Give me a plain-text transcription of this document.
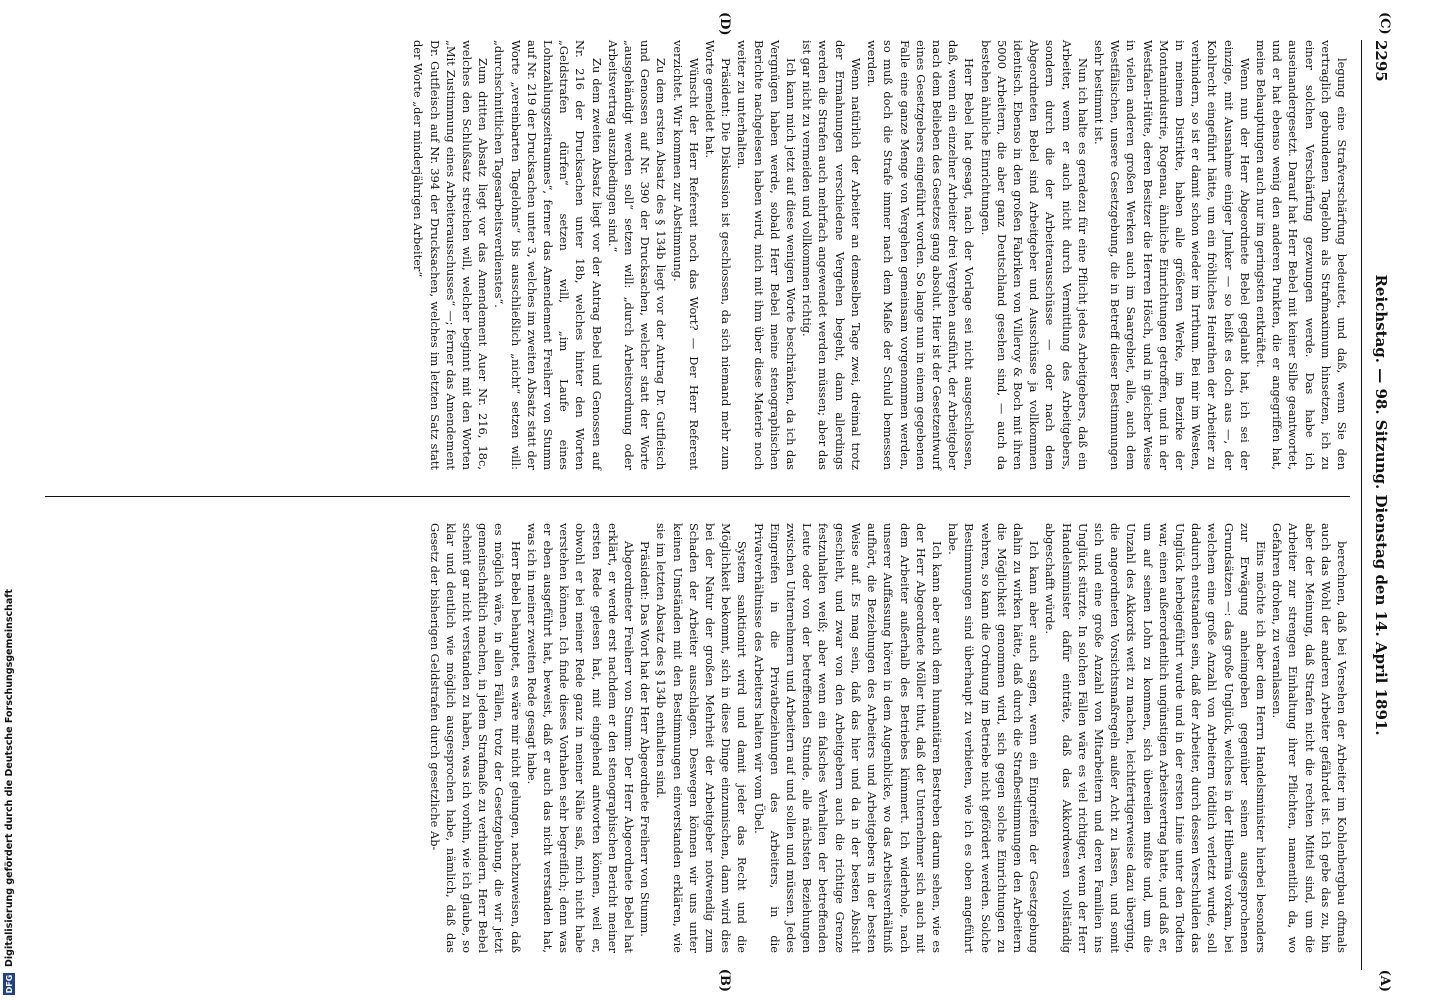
2295
Reichstag. — 98. Sitzung. Dienstag den 14. April 1891.
(C)
(A)
(D)
(B)

legung eine Strafverschärfung bedeutet, und daß, wenn Sie den vertraglich gebundenen Tagelohn als Strafmaximum hinsetzen, ich zu einer solchen Verschärfung gezwungen werde. Das habe ich auseinandergesetzt. Darauf hat Herr Bebel mit keiner Silbe geantwortet, und er hat ebenso wenig den anderen Punkten, die er angegriffen hat, meine Behauptungen auch nur im geringsten entkräftet.

Wenn nun der Herr Abgeordnete Bebel geglaubt hat, ich sei der einzige, mit Ausnahme einiger Junker — so heißt es doch aus —, der Kohlrecht eingeführt hätte, um ein fröhliches Heirathen der Arbeiter zu verhindern, so ist er damit schon wieder im Irrthum. Bei mir im Westen, in meinem Distrikte, haben alle größeren Werke, im Bezirke der Montanindustrie, Rogenau, ähnliche Einrichtungen getroffen, und in der Westfalen-Hütte, deren Besitzer die Herren Hösch, und in gleicher Weise in vielen anderen großen Werken auch im Saargebiet, alle, auch dem Westfälischen, unsere Gesetzgebung, die in Betreff dieser Bestimmungen sehr bestimmt ist.

Nun ich halte es geradezu für eine Pflicht jedes Arbeitgebers, daß ein Arbeiter, wenn er auch nicht durch Vermittlung des Arbeitgebers, sondern durch die der Arbeiterausschüsse — oder nach dem Abgeordneten Bebel sind Arbeitgeber und Ausschüsse ja vollkommen identisch. Ebenso in den großen Fabriken von Villeroy & Boch mit ihren 5000 Arbeitern, die aber ganz Deutschland gesehen sind, — auch da bestehen ähnliche Einrichtungen.

Herr Bebel hat gesagt, nach der Vorlage sei nicht ausgeschlossen, daß, wenn ein einzelner Arbeiter drei Vergehen ausführt, der Arbeitgeber nach dem Belieben des Gesetzes gang absolut. Hier ist der Gesetzentwurf eines Gesetzgebers eingeführt worden. So lange nun in einem gegebenen Falle eine ganze Menge von Vergehen gemeinsam vorgenommen werden, so muß doch die Strafe immer nach dem Maße der Schuld bemessen werden.

Wenn natürlich der Arbeiter an demselben Tage zwei, dreimal trotz der Ermahnungen verschiedene Vergehen begeht, dann allerdings werden die Strafen auch mehrfach angewendet werden müssen; aber das ist gar nicht zu vermeiden und vollkommen richtig.

Ich kann mich jetzt auf diese wenigen Worte beschränken, da ich das Vergnügen haben werde, sobald Herr Bebel meine stenographischen Berichte nachgelesen haben wird, mich mit ihm über diese Materie noch weiter zu unterhalten.

Präsident: Die Diskussion ist geschlossen, da sich niemand mehr zum Worte gemeldet hat.

Wünscht der Herr Referent noch das Wort? — Der Herr Referent verzichtet. Wir kommen zur Abstimmung.

Zu dem ersten Absatz des § 134b liegt vor der Antrag Dr. Gutfleisch und Genossen auf Nr. 390 der Drucksachen, welcher statt der Worte „ausgehändigt werden soll“ setzen will: „durch Arbeitsordnung oder Arbeitsvertrag auszubedingen sind.“

Zu dem zweiten Absatz liegt vor der Antrag Bebel und Genossen auf Nr. 216 der Drucksachen unter 18b, welches hinter den Worten „Geldstrafen dürfen“ setzen will, „im Laufe eines Lohnzahlungszeitraumes“, ferner das Amendement Freiherr von Stumm auf Nr. 219 der Drucksachen unter 3, welches im zweiten Absatz statt der Worte „vereinbarten Tagelohns“ bis ausschließlich „nicht“ setzen will: „durchschnittlichen Tagesarbeitsverdienstes“.

Zum dritten Absatz liegt vor das Amendement Auer Nr. 216, 18c, welches den Schlußsatz streichen will, welcher beginnt mit den Worten „Mit Zustimmung eines Arbeiterausschusses“ —; ferner das Amendement Dr. Gutfleisch auf Nr. 394 der Drucksachen, welches im letzten Satz statt der Worte „der minderjährigen Arbeiter“

berechnen, daß bei Versehen der Arbeiter im Kohlenbergbau oftmals auch das Wohl der anderen Arbeiter gefährdet ist. Ich gebe das zu, bin aber der Meinung, daß Strafen nicht die rechten Mittel sind, um die Arbeiter zur strengen Einhaltung ihrer Pflichten, namentlich da, wo Gefahren drohen, zu veranlassen.

Eins möchte ich aber dem Herrn Handelsminister hierbei besonders zur Erwägung anheimgeben gegenüber seinen ausgesprochenen Grundsätzen —: das große Unglück, welches in der Hibernia vorkam, bei welchem eine große Anzahl von Arbeitern tödtlich verletzt wurde, soll dadurch entstanden sein, daß der Arbeiter, durch dessen Verschulden das Unglück herbeigeführt wurde und in der ersten Linie unter den Todten war, einen außerordentlich ungünstigen Arbeitsvertrag hatte, und daß er, um auf seinen Lohn zu kommen, sich übereilen mußte und, um die Unzahl des Akkords weit zu machen, leichtfertigerweise dazu überging, die angeordneten Vorsichtsmaßregeln außer Acht zu lassen, und somit sich und eine große Anzahl von Mitarbeitern und deren Familien ins Unglück stürzte. In solchen Fällen wäre es viel richtiger, wenn der Herr Handelsminister dafür einträte, daß das Akkordwesen vollständig abgeschafft würde.

Ich kann aber auch sagen, wenn ein Eingreifen der Gesetzgebung dahin zu wirken hätte, daß durch die Strafbestimmungen den Arbeitern die Möglichkeit genommen wird, sich gegen solche Einrichtungen zu wehren, so kann die Ordnung im Betriebe nicht gefördert werden. Solche Bestimmungen sind überhaupt zu verbieten, wie ich es oben angeführt habe.

Ich kann aber auch dem humanitären Bestreben darum sehen, wie es der Herr Abgeordnete Möller thut, daß der Unternehmer sich auch mit dem Arbeiter außerhalb des Betriebes kümmert. Ich widerhole, nach unserer Auffassung hören in dem Augenblicke, wo das Arbeitsverhältniß aufhört, die Beziehungen des Arbeiters und Arbeitgebers in der besten Weise auf. Es mag sein, daß das hier und da in der besten Absicht geschieht, und zwar von den Arbeitgebern auch die richtige Grenze festzuhalten weiß; aber wenn ein falsches Verhalten der betreffenden Leute oder von der betreffenden Stunde, alle nächsten Beziehungen zwischen Unternehmern und Arbeitern auf und sollen und müssen. Jedes Eingreifen in die Privatbeziehungen des Arbeiters, in die Privatverhältnisse des Arbeiters halten wir vom Übel.

System sanktionirt wird und damit jeder das Recht und die Möglichkeit bekommt, sich in diese Dinge einzumischen, dann wird dies bei der Natur der großen Mehrheit der Arbeitgeber notwendig zum Schaden der Arbeiter ausschlagen. Deswegen können wir uns unter keinen Umständen mit den Bestimmungen einverstanden erklären, wie sie im letzten Absatz des § 134b enthalten sind.

Präsident: Das Wort hat der Herr Abgeordnete Freiherr von Stumm.

Abgeordneter Freiherr von Stumm: Der Herr Abgeordnete Bebel hat erklärt, er werde erst nachdem er den stenographischen Bericht meiner ersten Rede gelesen hat, mit eingehend antworten können, weil er, obwohl er bei meiner Rede ganz in meiner Nähe saß, mich nicht habe verstehen können. Ich finde dieses Vorhaben sehr begreiflich; denn was er eben ausgeführt hat, beweist, daß er auch das nicht verstanden hat, was ich in meiner zweiten Rede gesagt habe.

Herr Bebel behauptet, es wäre mir nicht gelungen, nachzuweisen, daß es möglich wäre, in allen Fällen, trotz der Gesetzgebung, die wir jetzt gemeinschaftlich machen, in jedem Strafmaße zu verhindern. Herr Bebel scheint gar nicht verstanden zu haben, was ich vorhin, wie ich glaube, so klar und deutlich wie möglich ausgesprochen habe, nämlich, daß das Gesetz der bisherigen Geldstrafen durch gesetzliche Ab-

DFG
Digitalisierung gefördert durch die Deutsche Forschungsgemeinschaft
